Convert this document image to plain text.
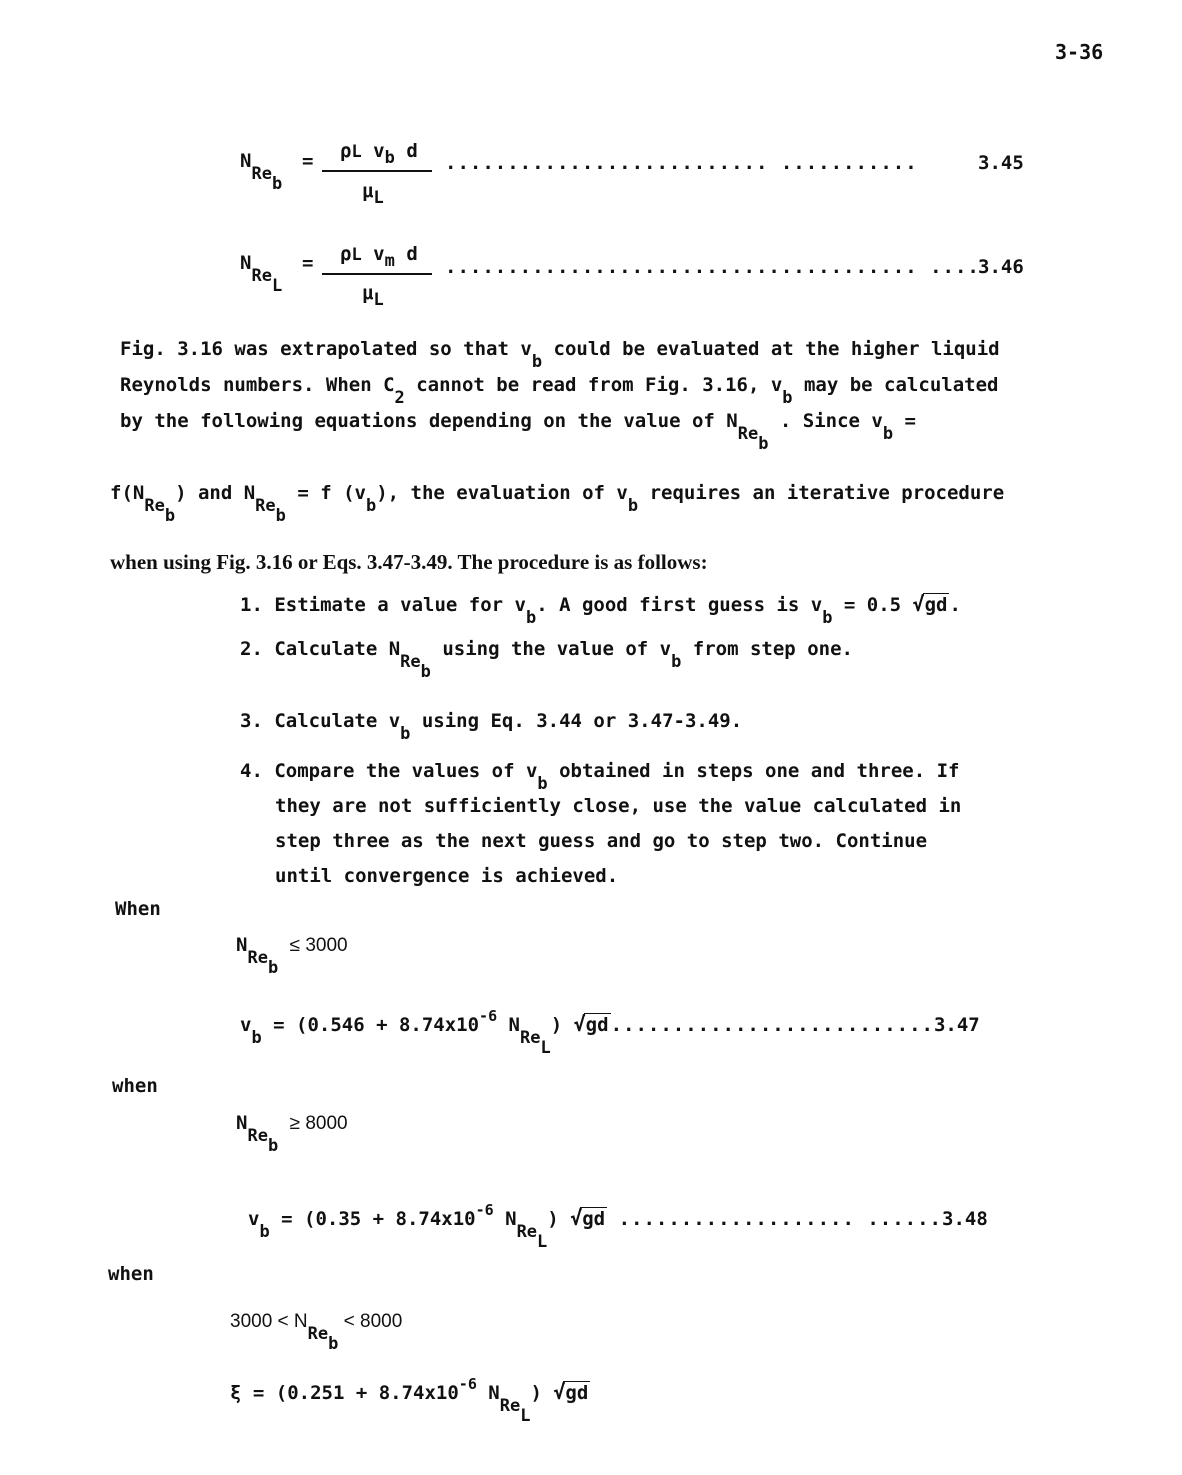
3-36
NReb
= ρL vb d
μL
.......................... ...........	3.45
NReL
= ρL vm d
μL
...................................... ....
3.46
Fig. 3.16 was extrapolated so that vb could be evaluated at the higher liquid
Reynolds numbers. When C2 cannot be read from Fig. 3.16, vb may be calculated
by the following equations depending on the value of NReb . Since vb =
f(NReb) and NReb = f (vb), the evaluation of vb requires an iterative procedure
when using Fig. 3.16 or Eqs. 3.47-3.49. The procedure is as follows:
1. Estimate a value for vb. A good first guess is vb = 0.5 √gd .
2. Calculate NReb using the value of vb from step one.
3. Calculate vb using Eq. 3.44 or 3.47-3.49.
4. Compare the values of vb obtained in steps one and three. If
they are not sufficiently close, use the value calculated in
step three as the next guess and go to step two. Continue
until convergence is achieved.
When
NReb ≤ 3000
vb = ($0.546 + 8.74x10^{-6}$ NReL) √gd ..........................3.47
when
NReb ≥ 8000
vb = ($0.35 + 8.74x10^{-6}$ NReL) √gd ................... ......3.48
when
3000 < NReb < 8000
$\xi = (0.251 + 8.74x10^{-6}$ NReL) √gd
